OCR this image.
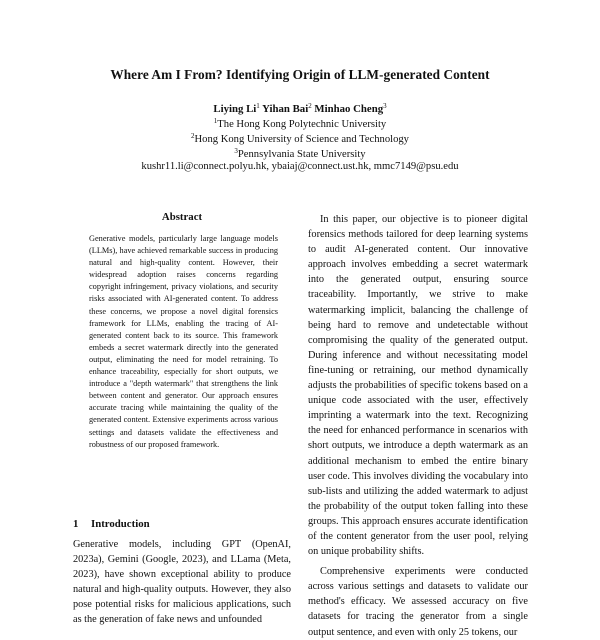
Where Am I From? Identifying Origin of LLM-generated Content
Liying Li$^1$ Yihan Bai$^2$ Minhao Cheng$^3$
$^1$The Hong Kong Polytechnic University
$^2$Hong Kong University of Science and Technology
$^3$Pennsylvania State University
kushr11.li@connect.polyu.hk, ybaiaj@connect.ust.hk, mmc7149@psu.edu
Abstract
Generative models, particularly large language models (LLMs), have achieved remarkable success in producing natural and high-quality content. However, their widespread adoption raises concerns regarding copyright infringement, privacy violations, and security risks associated with AI-generated content. To address these concerns, we propose a novel digital forensics framework for LLMs, enabling the tracing of AI-generated content back to its source. This framework embeds a secret watermark directly into the generated output, eliminating the need for model retraining. To enhance traceability, especially for short outputs, we introduce a "depth watermark" that strengthens the link between content and generator. Our approach ensures accurate tracing while maintaining the quality of the generated content. Extensive experiments across various settings and datasets validate the effectiveness and robustness of our proposed framework.
1 Introduction
Generative models, including GPT (OpenAI, 2023a), Gemini (Google, 2023), and LLama (Meta, 2023), have shown exceptional ability to produce natural and high-quality outputs. However, they also pose potential risks for malicious applications, such as the generation of fake news and unfounded

In this paper, our objective is to pioneer digital forensics methods tailored for deep learning systems to audit AI-generated content. Our innovative approach involves embedding a secret watermark into the generated output, ensuring source traceability. Importantly, we strive to make watermarking implicit, balancing the challenge of being hard to remove and undetectable without compromising the quality of the generated output. During inference and without necessitating model fine-tuning or retraining, our method dynamically adjusts the probabilities of specific tokens based on a unique code associated with the user, effectively imprinting a watermark into the text. Recognizing the need for enhanced performance in scenarios with short outputs, we introduce a depth watermark as an additional mechanism to embed the entire binary user code. This involves dividing the vocabulary into sub-lists and utilizing the added watermark to adjust the probability of the output token falling into these groups. This approach ensures accurate identification of the content generator from the user pool, relying on unique probability shifts.

Comprehensive experiments were conducted across various settings and datasets to validate our method's efficacy. We assessed accuracy on five datasets for tracing the generator from a single output sentence, and even with only 25 tokens, our
